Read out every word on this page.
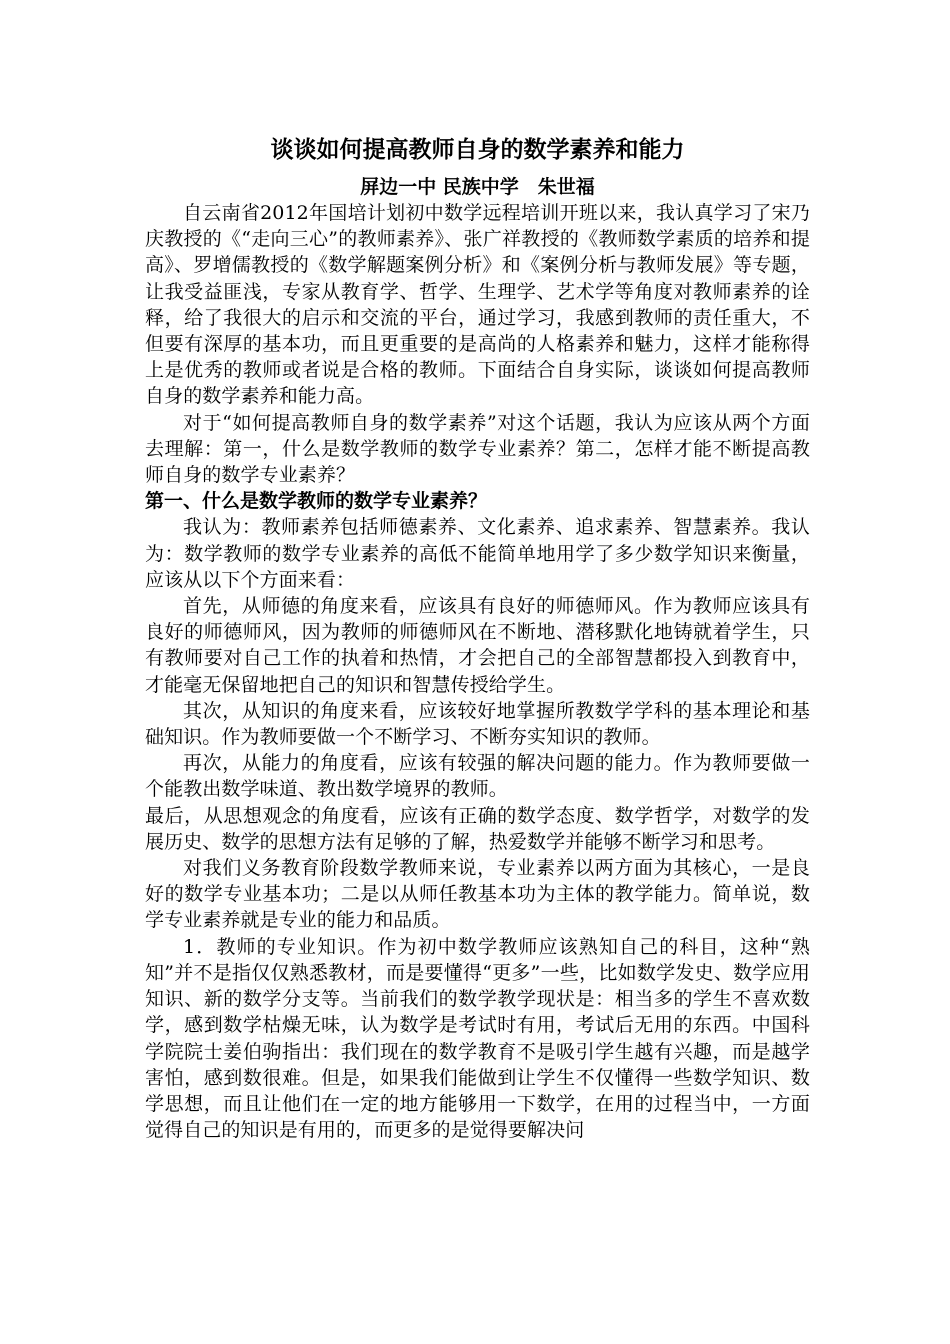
谈谈如何提高教师自身的数学素养和能力

屏边一中 民族中学　朱世福

自云南省2012年国培计划初中数学远程培训开班以来，我认真学习了宋乃庆教授的《“走向三心”的教师素养》、张广祥教授的《教师数学素质的培养和提高》、罗增儒教授的《数学解题案例分析》和《案例分析与教师发展》等专题，让我受益匪浅，专家从教育学、哲学、生理学、艺术学等角度对教师素养的诠释，给了我很大的启示和交流的平台，通过学习，我感到教师的责任重大，不但要有深厚的基本功，而且更重要的是高尚的人格素养和魅力，这样才能称得上是优秀的教师或者说是合格的教师。下面结合自身实际，谈谈如何提高教师自身的数学素养和能力高。

对于“如何提高教师自身的数学素养”对这个话题，我认为应该从两个方面去理解：第一，什么是数学教师的数学专业素养？第二，怎样才能不断提高教师自身的数学专业素养？

第一、什么是数学教师的数学专业素养？

我认为：教师素养包括师德素养、文化素养、追求素养、智慧素养。我认为：数学教师的数学专业素养的高低不能简单地用学了多少数学知识来衡量，应该从以下个方面来看：

首先，从师德的角度来看，应该具有良好的师德师风。作为教师应该具有良好的师德师风，因为教师的师德师风在不断地、潜移默化地铸就着学生，只有教师要对自己工作的执着和热情，才会把自己的全部智慧都投入到教育中，才能毫无保留地把自己的知识和智慧传授给学生。

其次，从知识的角度来看，应该较好地掌握所教数学学科的基本理论和基础知识。作为教师要做一个不断学习、不断夯实知识的教师。

再次，从能力的角度看，应该有较强的解决问题的能力。作为教师要做一个能教出数学味道、教出数学境界的教师。

最后，从思想观念的角度看，应该有正确的数学态度、数学哲学，对数学的发展历史、数学的思想方法有足够的了解，热爱数学并能够不断学习和思考。

对我们义务教育阶段数学教师来说，专业素养以两方面为其核心，一是良好的数学专业基本功；二是以从师任教基本功为主体的教学能力。简单说，数学专业素养就是专业的能力和品质。

1．教师的专业知识。作为初中数学教师应该熟知自己的科目，这种“熟知”并不是指仅仅熟悉教材，而是要懂得“更多”一些，比如数学发史、数学应用知识、新的数学分支等。当前我们的数学教学现状是：相当多的学生不喜欢数学，感到数学枯燥无味，认为数学是考试时有用，考试后无用的东西。中国科学院院士姜伯驹指出：我们现在的数学教育不是吸引学生越有兴趣，而是越学害怕，感到数很难。但是，如果我们能做到让学生不仅懂得一些数学知识、数学思想，而且让他们在一定的地方能够用一下数学，在用的过程当中，一方面觉得自己的知识是有用的，而更多的是觉得要解决问
